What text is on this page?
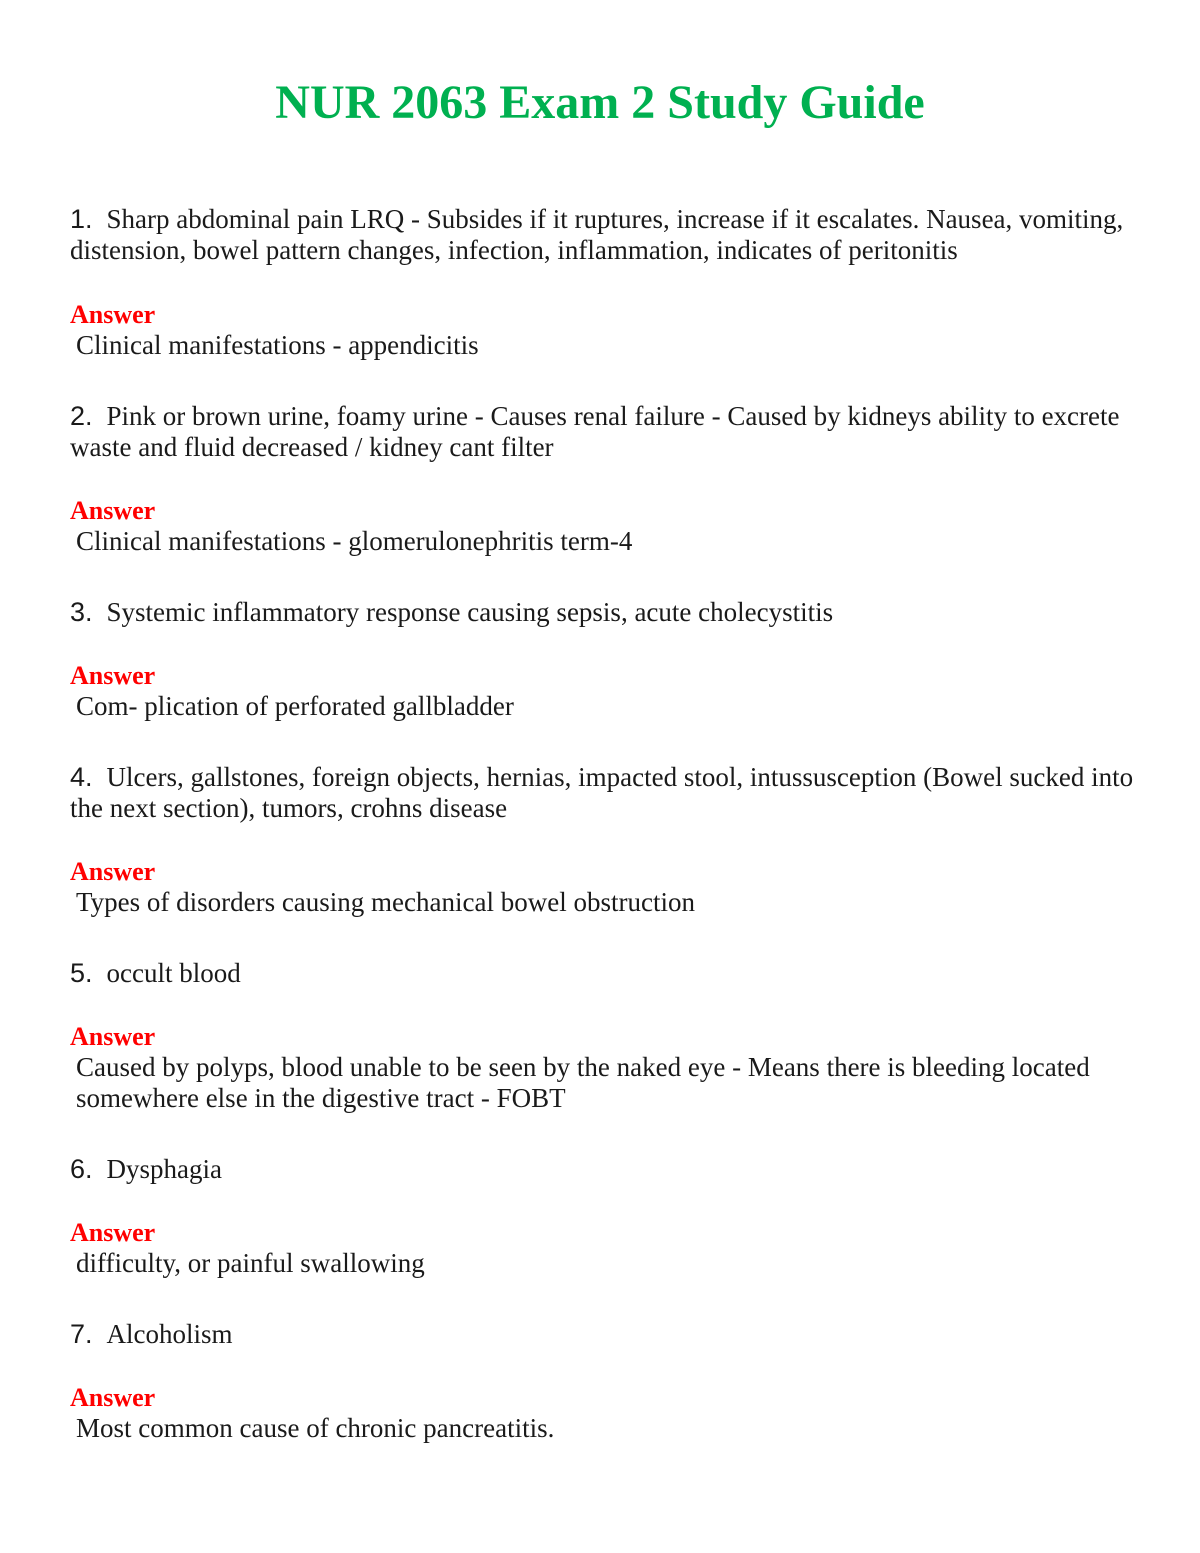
NUR 2063 Exam 2 Study Guide

1. Sharp abdominal pain LRQ - Subsides if it ruptures, increase if it escalates. Nausea, vomiting, distension, bowel pattern changes, infection, inflammation, indicates of peritonitis

Answer

Clinical manifestations - appendicitis

2. Pink or brown urine, foamy urine - Causes renal failure - Caused by kidneys ability to excrete waste and fluid decreased / kidney cant filter

Answer

Clinical manifestations - glomerulonephritis term-4

3. Systemic inflammatory response causing sepsis, acute cholecystitis

Answer

Com- plication of perforated gallbladder

4. Ulcers, gallstones, foreign objects, hernias, impacted stool, intussusception (Bowel sucked into the next section), tumors, crohns disease

Answer

Types of disorders causing mechanical bowel obstruction

5. occult blood

Answer

Caused by polyps, blood unable to be seen by the naked eye - Means there is bleeding located somewhere else in the digestive tract - FOBT

6. Dysphagia

Answer

difficulty, or painful swallowing

7. Alcoholism

Answer

Most common cause of chronic pancreatitis.
